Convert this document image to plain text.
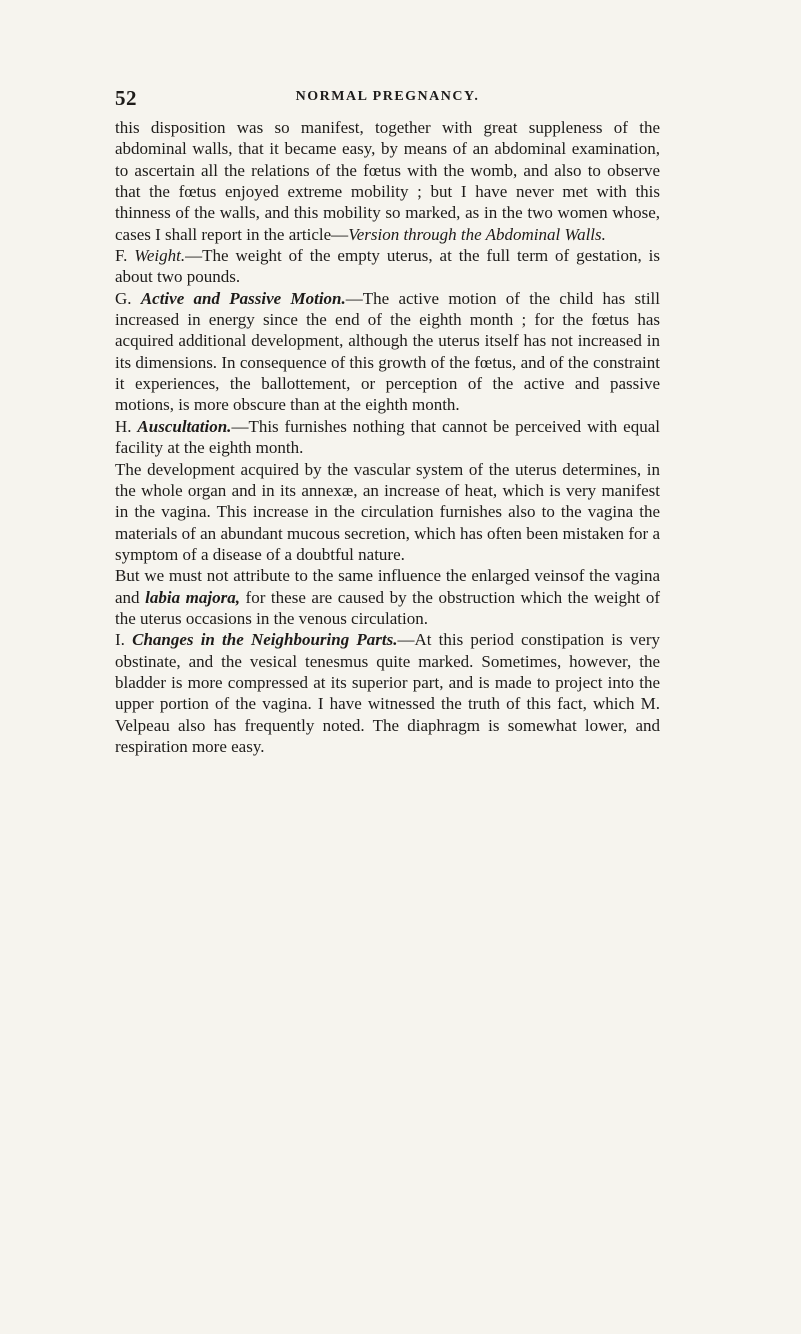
52	NORMAL PREGNANCY.

this disposition was so manifest, together with great suppleness of the abdominal walls, that it became easy, by means of an abdominal examination, to ascertain all the relations of the fœtus with the womb, and also to observe that the fœtus enjoyed extreme mobility ; but I have never met with this thinness of the walls, and this mobility so marked, as in the two women whose, cases I shall report in the article—Version through the Abdominal Walls.

F. Weight.—The weight of the empty uterus, at the full term of gestation, is about two pounds.

G. Active and Passive Motion.—The active motion of the child has still increased in energy since the end of the eighth month ; for the fœtus has acquired additional development, although the uterus itself has not increased in its dimensions. In consequence of this growth of the fœtus, and of the constraint it experiences, the ballottement, or perception of the active and passive motions, is more obscure than at the eighth month.

H. Auscultation.—This furnishes nothing that cannot be perceived with equal facility at the eighth month.

The development acquired by the vascular system of the uterus determines, in the whole organ and in its annexæ, an increase of heat, which is very manifest in the vagina. This increase in the circulation furnishes also to the vagina the materials of an abundant mucous secretion, which has often been mistaken for a symptom of a disease of a doubtful nature.

But we must not attribute to the same influence the enlarged veinsof the vagina and labia majora, for these are caused by the obstruction which the weight of the uterus occasions in the venous circulation.

I. Changes in the Neighbouring Parts.—At this period constipation is very obstinate, and the vesical tenesmus quite marked. Sometimes, however, the bladder is more compressed at its superior part, and is made to project into the upper portion of the vagina. I have witnessed the truth of this fact, which M. Velpeau also has frequently noted. The diaphragm is somewhat lower, and respiration more easy.
